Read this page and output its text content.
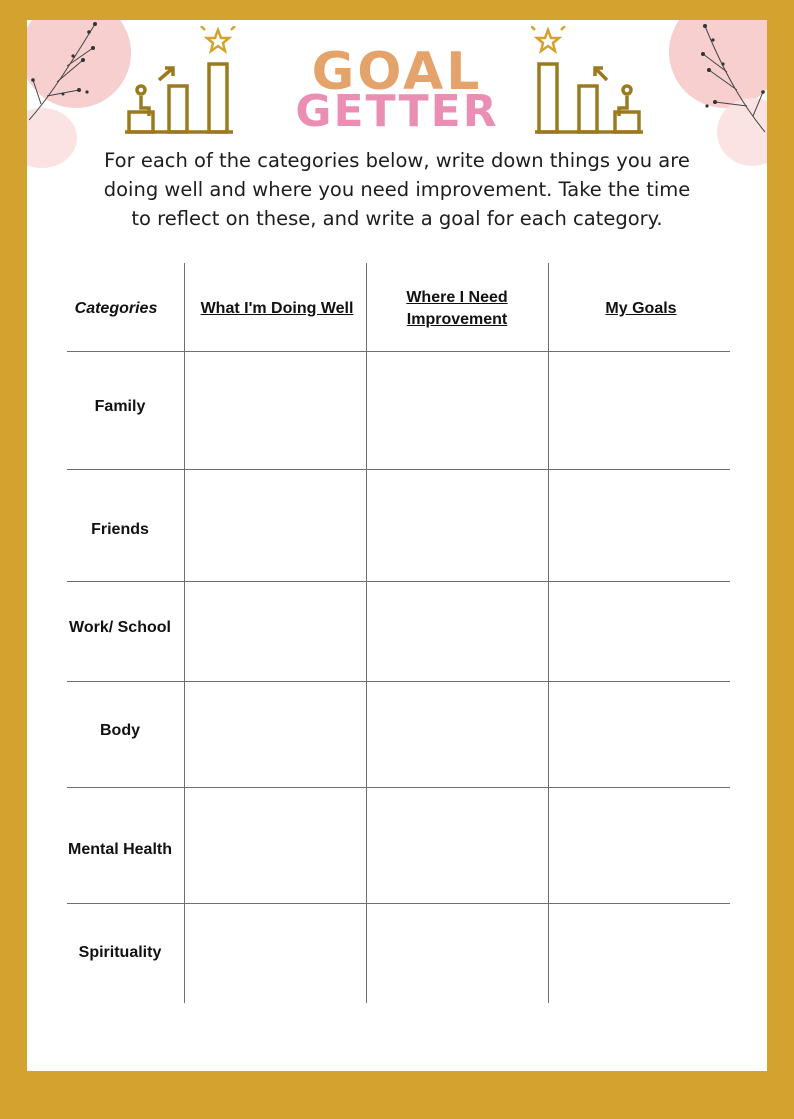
GOAL
GETTER
For each of the categories below, write down things you are
doing well and where you need improvement. Take the time
to reflect on these, and write a goal for each category.
Categories	What I'm Doing Well
Where I Need
Improvement
My Goals
Family
Friends
Work/ School
Body
Mental Health
Spirituality
